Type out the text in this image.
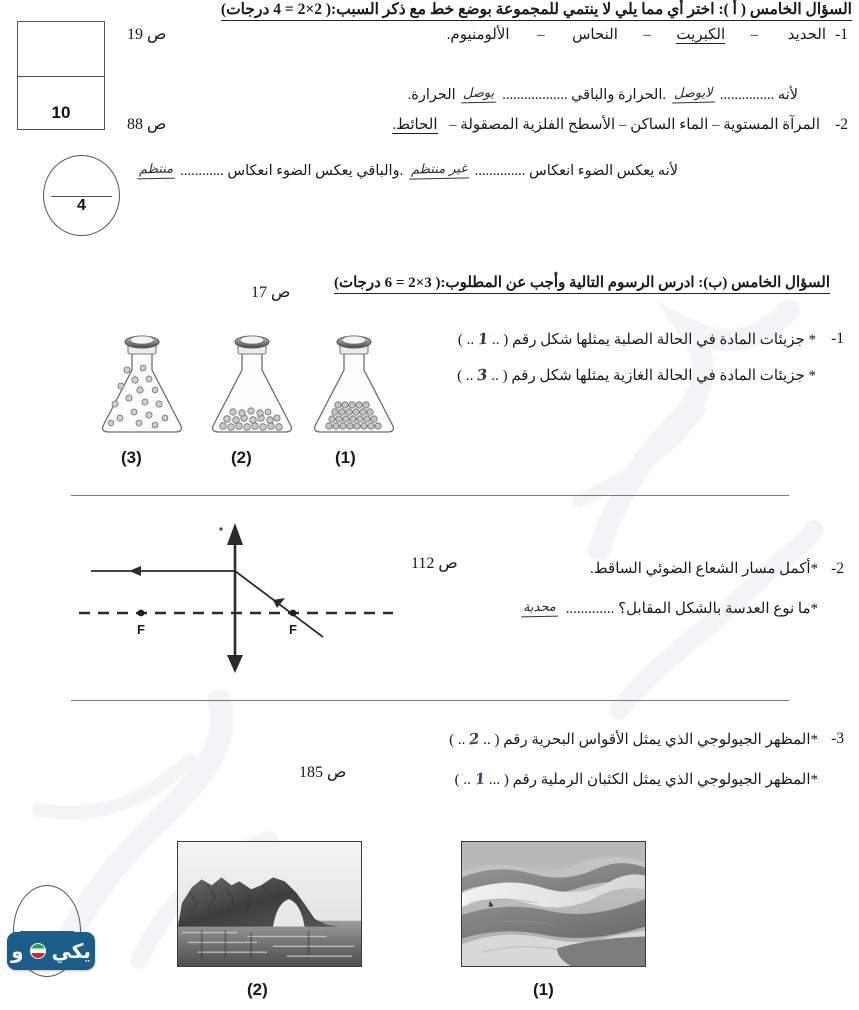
السؤال الخامس ( أ ): اختر أي مما يلي لا ينتمي للمجموعة بوضع خط مع ذكر السبب:( 2×2 = 4 درجات)
10
4
1-
الحديد  –  الكبريت  –  النحاس  –  الألومنيوم.
ص 19
لأنه ............... لايوصل .الحرارة والباقي .................. يوصل الحرارة.
2-
المرآة المستوية – الماء الساكن – الأسطح الفلزية المصقولة –  الحائط.
ص 88
لأنه يعكس الضوء انعكاس .............. غير منتظم .والباقي يعكس الضوء انعكاس ............ منتظم
السؤال الخامس (ب): ادرس الرسوم التالية وأجب عن المطلوب:( 3×2 = 6 درجات)
ص 17
1-
* جزيئات المادة في الحالة الصلبة يمثلها شكل رقم ( .. 1 .. )
* جزيئات المادة في الحالة الغازية يمثلها شكل رقم ( .. 3 .. )
(3)	(2)	(1)
2-
*أكمل مسار الشعاع الضوئي الساقط.
*ما نوع العدسة بالشكل المقابل؟ ............. محدبة
ص 112
F	F
3-
*المظهر الجيولوجي الذي يمثل الأقواس البحرية رقم ( .. 2 .. )
*المظهر الجيولوجي الذي يمثل الكثبان الرملية رقم ( ... 1 .. )
ص 185
(2)	(1)
يكي
و
